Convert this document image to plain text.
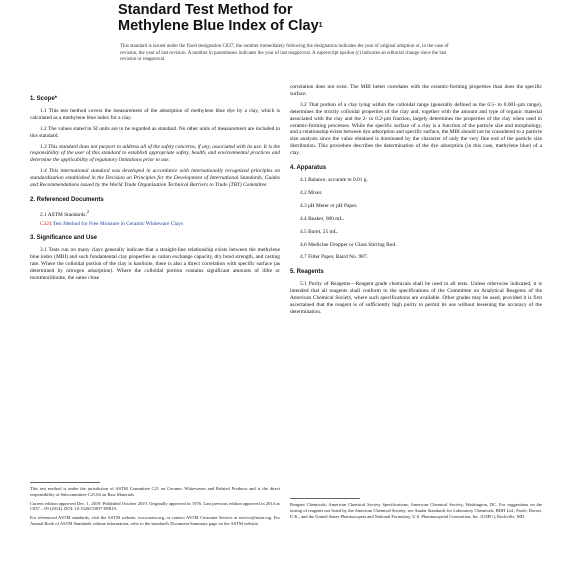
Standard Test Method for
Methylene Blue Index of Clay$^1$
This standard is issued under the fixed designation C837; the number immediately following the designation indicates the year of original adoption or, in the case of revision, the year of last revision. A number in parentheses indicates the year of last reapproval. A superscript epsilon (ε) indicates an editorial change since the last revision or reapproval.
1. Scope*
1.1 This test method covers the measurement of the adsorption of methylene blue dye by a clay, which is calculated as a methylene blue index for a clay.
1.2 The values stated in SI units are to be regarded as standard. No other units of measurement are included in this standard.
1.3 This standard does not purport to address all of the safety concerns, if any, associated with its use. It is the responsibility of the user of this standard to establish appropriate safety, health, and environmental practices and determine the applicability of regulatory limitations prior to use.
1.4 This international standard was developed in accordance with internationally recognized principles on standardization established in the Decision on Principles for the Development of International Standards, Guides and Recommendations issued by the World Trade Organization Technical Barriers to Trade (TBT) Committee.
2. Referenced Documents
2.1 ASTM Standards:$^2$
C324 Test Method for Free Moisture in Ceramic Whiteware Clays
3. Significance and Use
3.1 Tests run on many clays generally indicate that a straight-line relationship exists between the methylene blue index (MBI) and such fundamental clay properties as cation exchange capacity, dry bond strength, and casting rate. Where the colloidal portion of the clay is kaolinite, there is also a direct correlation with specific surface (as determined by nitrogen adsorption). Where the colloidal portion contains significant amounts of illite or montmorillonite, the same close
This test method is under the jurisdiction of ASTM Committee C21 on Ceramic Whitewares and Related Products and is the direct responsibility of Subcommittee C21.04 on Raw Materials.
Current edition approved Dec. 1, 2019. Published October 2019. Originally approved in 1976. Last previous edition approved in 2014 as C837 – 09 (2014). DOI: 10.1520/C0837-09R19.
For referenced ASTM standards, visit the ASTM website, www.astm.org, or contact ASTM Customer Service at service@astm.org. For Annual Book of ASTM Standards volume information, refer to the standard's Document Summary page on the ASTM website.
correlation does not exist. The MBI better correlates with the ceramic-forming properties than does the specific surface.
3.2 That portion of a clay lying within the colloidal range (generally defined as the 0.5- to 0.001-µm range), determines the strictly colloidal properties of the clay and, together with the amount and type of organic material associated with the clay and the 2- to 0.2-µm fraction, largely determines the properties of the clay when used in ceramic-forming processes. While the specific surface of a clay is a function of the particle size and morphology, and a relationship exists between dye adsorption and specific surface, the MBI should not be considered to a particle size analysis since the value obtained is dominated by the character of only the very fine end of the particle size distribution. This procedure describes the determination of the dye adsorption (in this case, methylene blue) of a clay.
4. Apparatus
4.1 Balance, accurate to 0.01 g.
4.2 Mixer.
4.3 pH Meter or pH Paper.
4.4 Beaker, 600 mL.
4.5 Buret, 25 mL.
4.6 Medicine Dropper or Glass Stirring Rod.
4.7 Filter Paper, Baird No. 987.
5. Reagents
5.1 Purity of Reagents—Reagent grade chemicals shall be used in all tests. Unless otherwise indicated, it is intended that all reagents shall conform to the specifications of the Committee on Analytical Reagents of the American Chemical Society, where such specifications are available. Other grades may be used, provided it is first ascertained that the reagent is of sufficiently high purity to permit its use without lessening the accuracy of the determination.
Reagent Chemicals, American Chemical Society Specifications, American Chemical Society, Washington, DC. For suggestions on the testing of reagents not listed by the American Chemical Society, see Analar Standards for Laboratory Chemicals, BDH Ltd., Poole, Dorset, U.K., and the United States Pharmacopeia and National Formulary, U.S. Pharmacopeial Convention, Inc. (USPC), Rockville, MD.
